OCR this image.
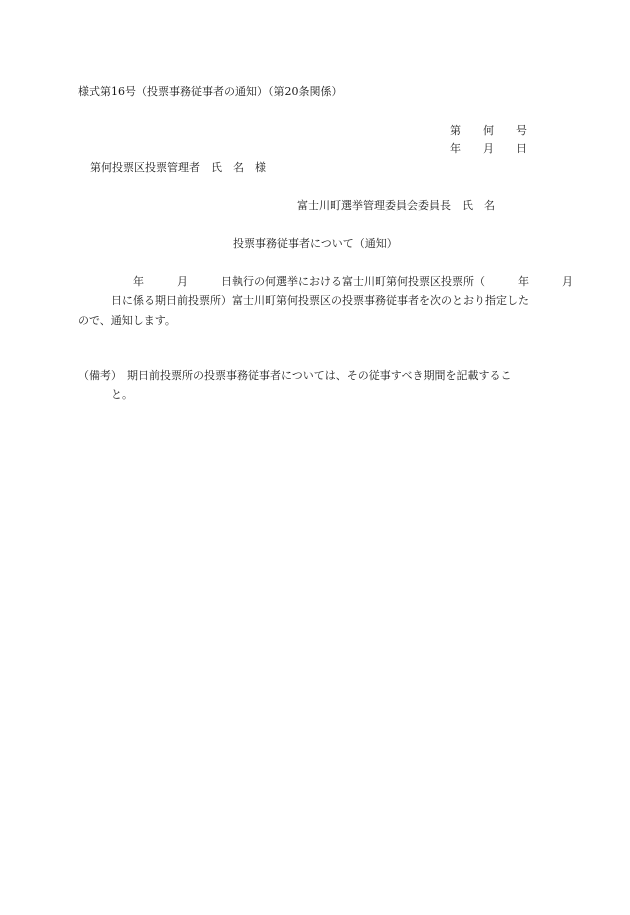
様式第16号（投票事務従事者の通知）（第20条関係）
第　　何　　号
年　　月　　日
第何投票区投票管理者　氏　名　様
富士川町選挙管理委員会委員長　氏　名
投票事務従事者について（通知）
　　　　　年　　　月　　　日執行の何選挙における富士川町第何投票区投票所（　　　年　　　月
　　　日に係る期日前投票所）富士川町第何投票区の投票事務従事者を次のとおり指定した
ので、通知します。
（備考） 期日前投票所の投票事務従事者については、その従事すべき期間を記載するこ
と。
